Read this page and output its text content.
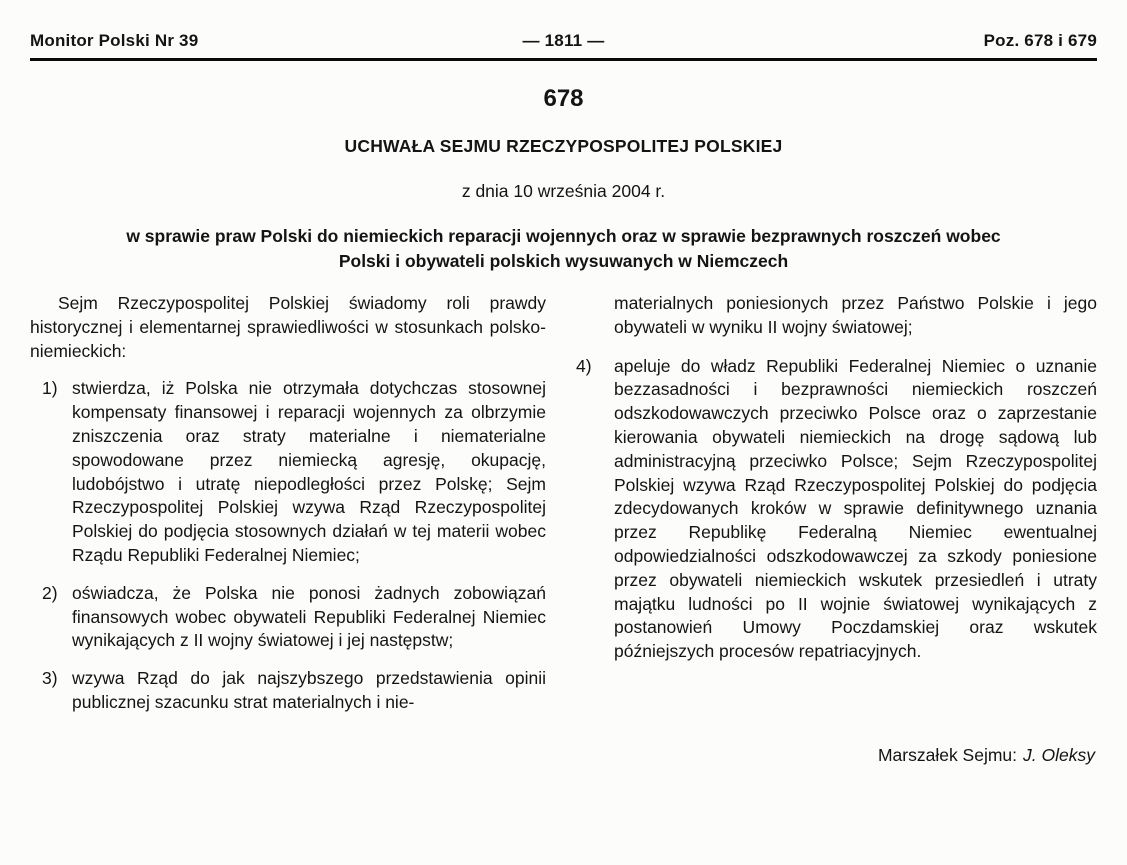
Monitor Polski Nr 39	— 1811 —	Poz. 678 i 679
678
UCHWAŁA SEJMU RZECZYPOSPOLITEJ POLSKIEJ
z dnia 10 września 2004 r.
w sprawie praw Polski do niemieckich reparacji wojennych oraz w sprawie bezprawnych roszczeń wobec
Polski i obywateli polskich wysuwanych w Niemczech

Sejm Rzeczypospolitej Polskiej świadomy roli prawdy historycznej i elementarnej sprawiedliwości w stosunkach polsko-niemieckich:

1) stwierdza, iż Polska nie otrzymała dotychczas stosownej kompensaty finansowej i reparacji wojennych za olbrzymie zniszczenia oraz straty materialne i niematerialne spowodowane przez niemiecką agresję, okupację, ludobójstwo i utratę niepodległości przez Polskę; Sejm Rzeczypospolitej Polskiej wzywa Rząd Rzeczypospolitej Polskiej do podjęcia stosownych działań w tej materii wobec Rządu Republiki Federalnej Niemiec;
2) oświadcza, że Polska nie ponosi żadnych zobowiązań finansowych wobec obywateli Republiki Federalnej Niemiec wynikających z II wojny światowej i jej następstw;
3) wzywa Rząd do jak najszybszego przedstawienia opinii publicznej szacunku strat materialnych i nie-

materialnych poniesionych przez Państwo Polskie i jego obywateli w wyniku II wojny światowej;

4)	apeluje do władz Republiki Federalnej Niemiec o uznanie bezzasadności i bezprawności niemieckich roszczeń odszkodowawczych przeciwko Polsce oraz o zaprzestanie kierowania obywateli niemieckich na drogę sądową lub administracyjną przeciwko Polsce; Sejm Rzeczypospolitej Polskiej wzywa Rząd Rzeczypospolitej Polskiej do podjęcia zdecydowanych kroków w sprawie definitywnego uznania przez Republikę Federalną Niemiec ewentualnej odpowiedzialności odszkodowawczej za szkody poniesione przez obywateli niemieckich wskutek przesiedleń i utraty majątku ludności po II wojnie światowej wynikających z postanowień Umowy Poczdamskiej oraz wskutek późniejszych procesów repatriacyjnych.
Marszałek Sejmu: J. Oleksy
